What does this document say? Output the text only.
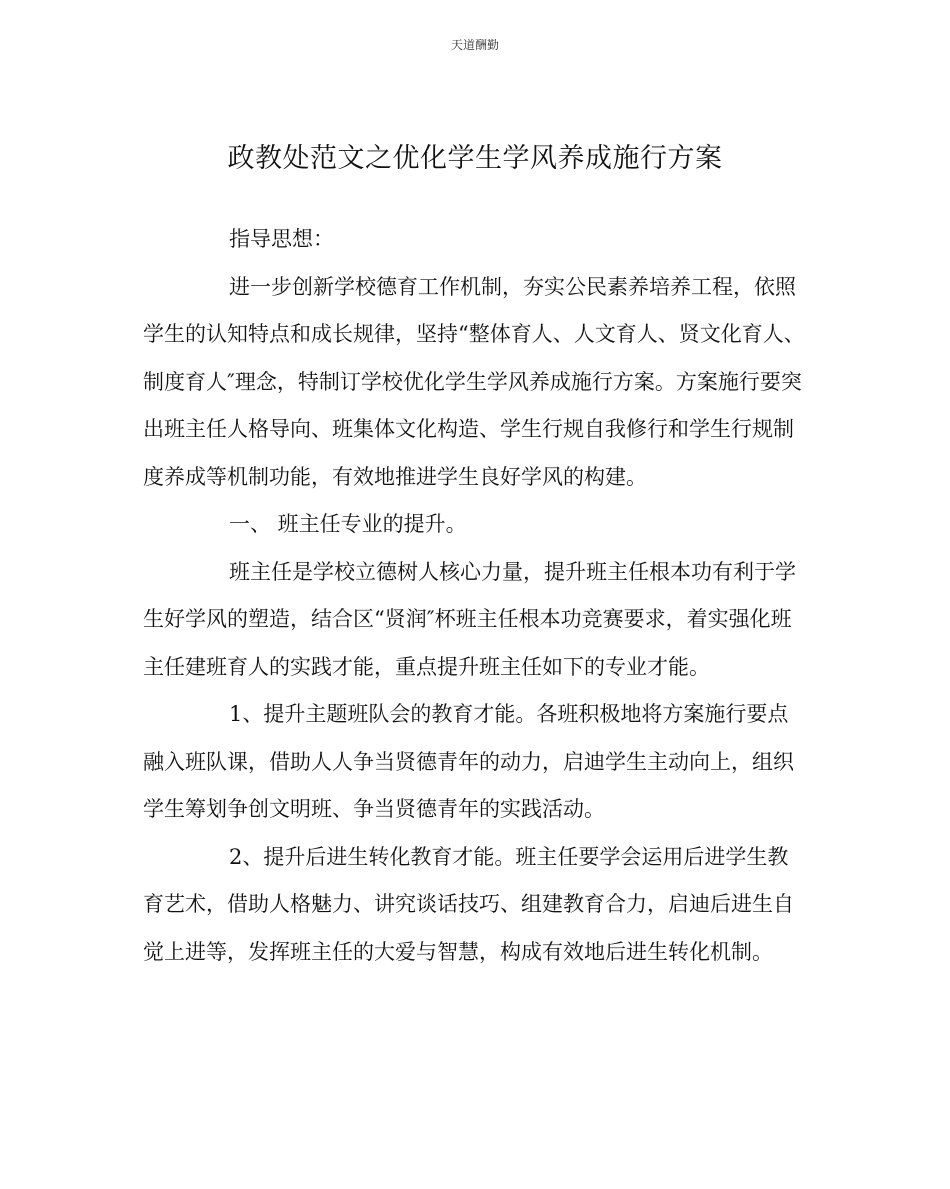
天道酬勤
政教处范文之优化学生学风养成施行方案

指导思想：

进一步创新学校德育工作机制，夯实公民素养培养工程，依照学生的认知特点和成长规律，坚持“整体育人、人文育人、贤文化育人、制度育人″理念，特制订学校优化学生学风养成施行方案。方案施行要突出班主任人格导向、班集体文化构造、学生行规自我修行和学生行规制度养成等机制功能，有效地推进学生良好学风的构建。

一、 班主任专业的提升。

班主任是学校立德树人核心力量，提升班主任根本功有利于学生好学风的塑造，结合区“贤润″杯班主任根本功竞赛要求，着实强化班主任建班育人的实践才能，重点提升班主任如下的专业才能。

1、提升主题班队会的教育才能。各班积极地将方案施行要点融入班队课，借助人人争当贤德青年的动力，启迪学生主动向上，组织学生筹划争创文明班、争当贤德青年的实践活动。

2、提升后进生转化教育才能。班主任要学会运用后进学生教育艺术，借助人格魅力、讲究谈话技巧、组建教育合力，启迪后进生自觉上进等，发挥班主任的大爱与智慧，构成有效地后进生转化机制。
